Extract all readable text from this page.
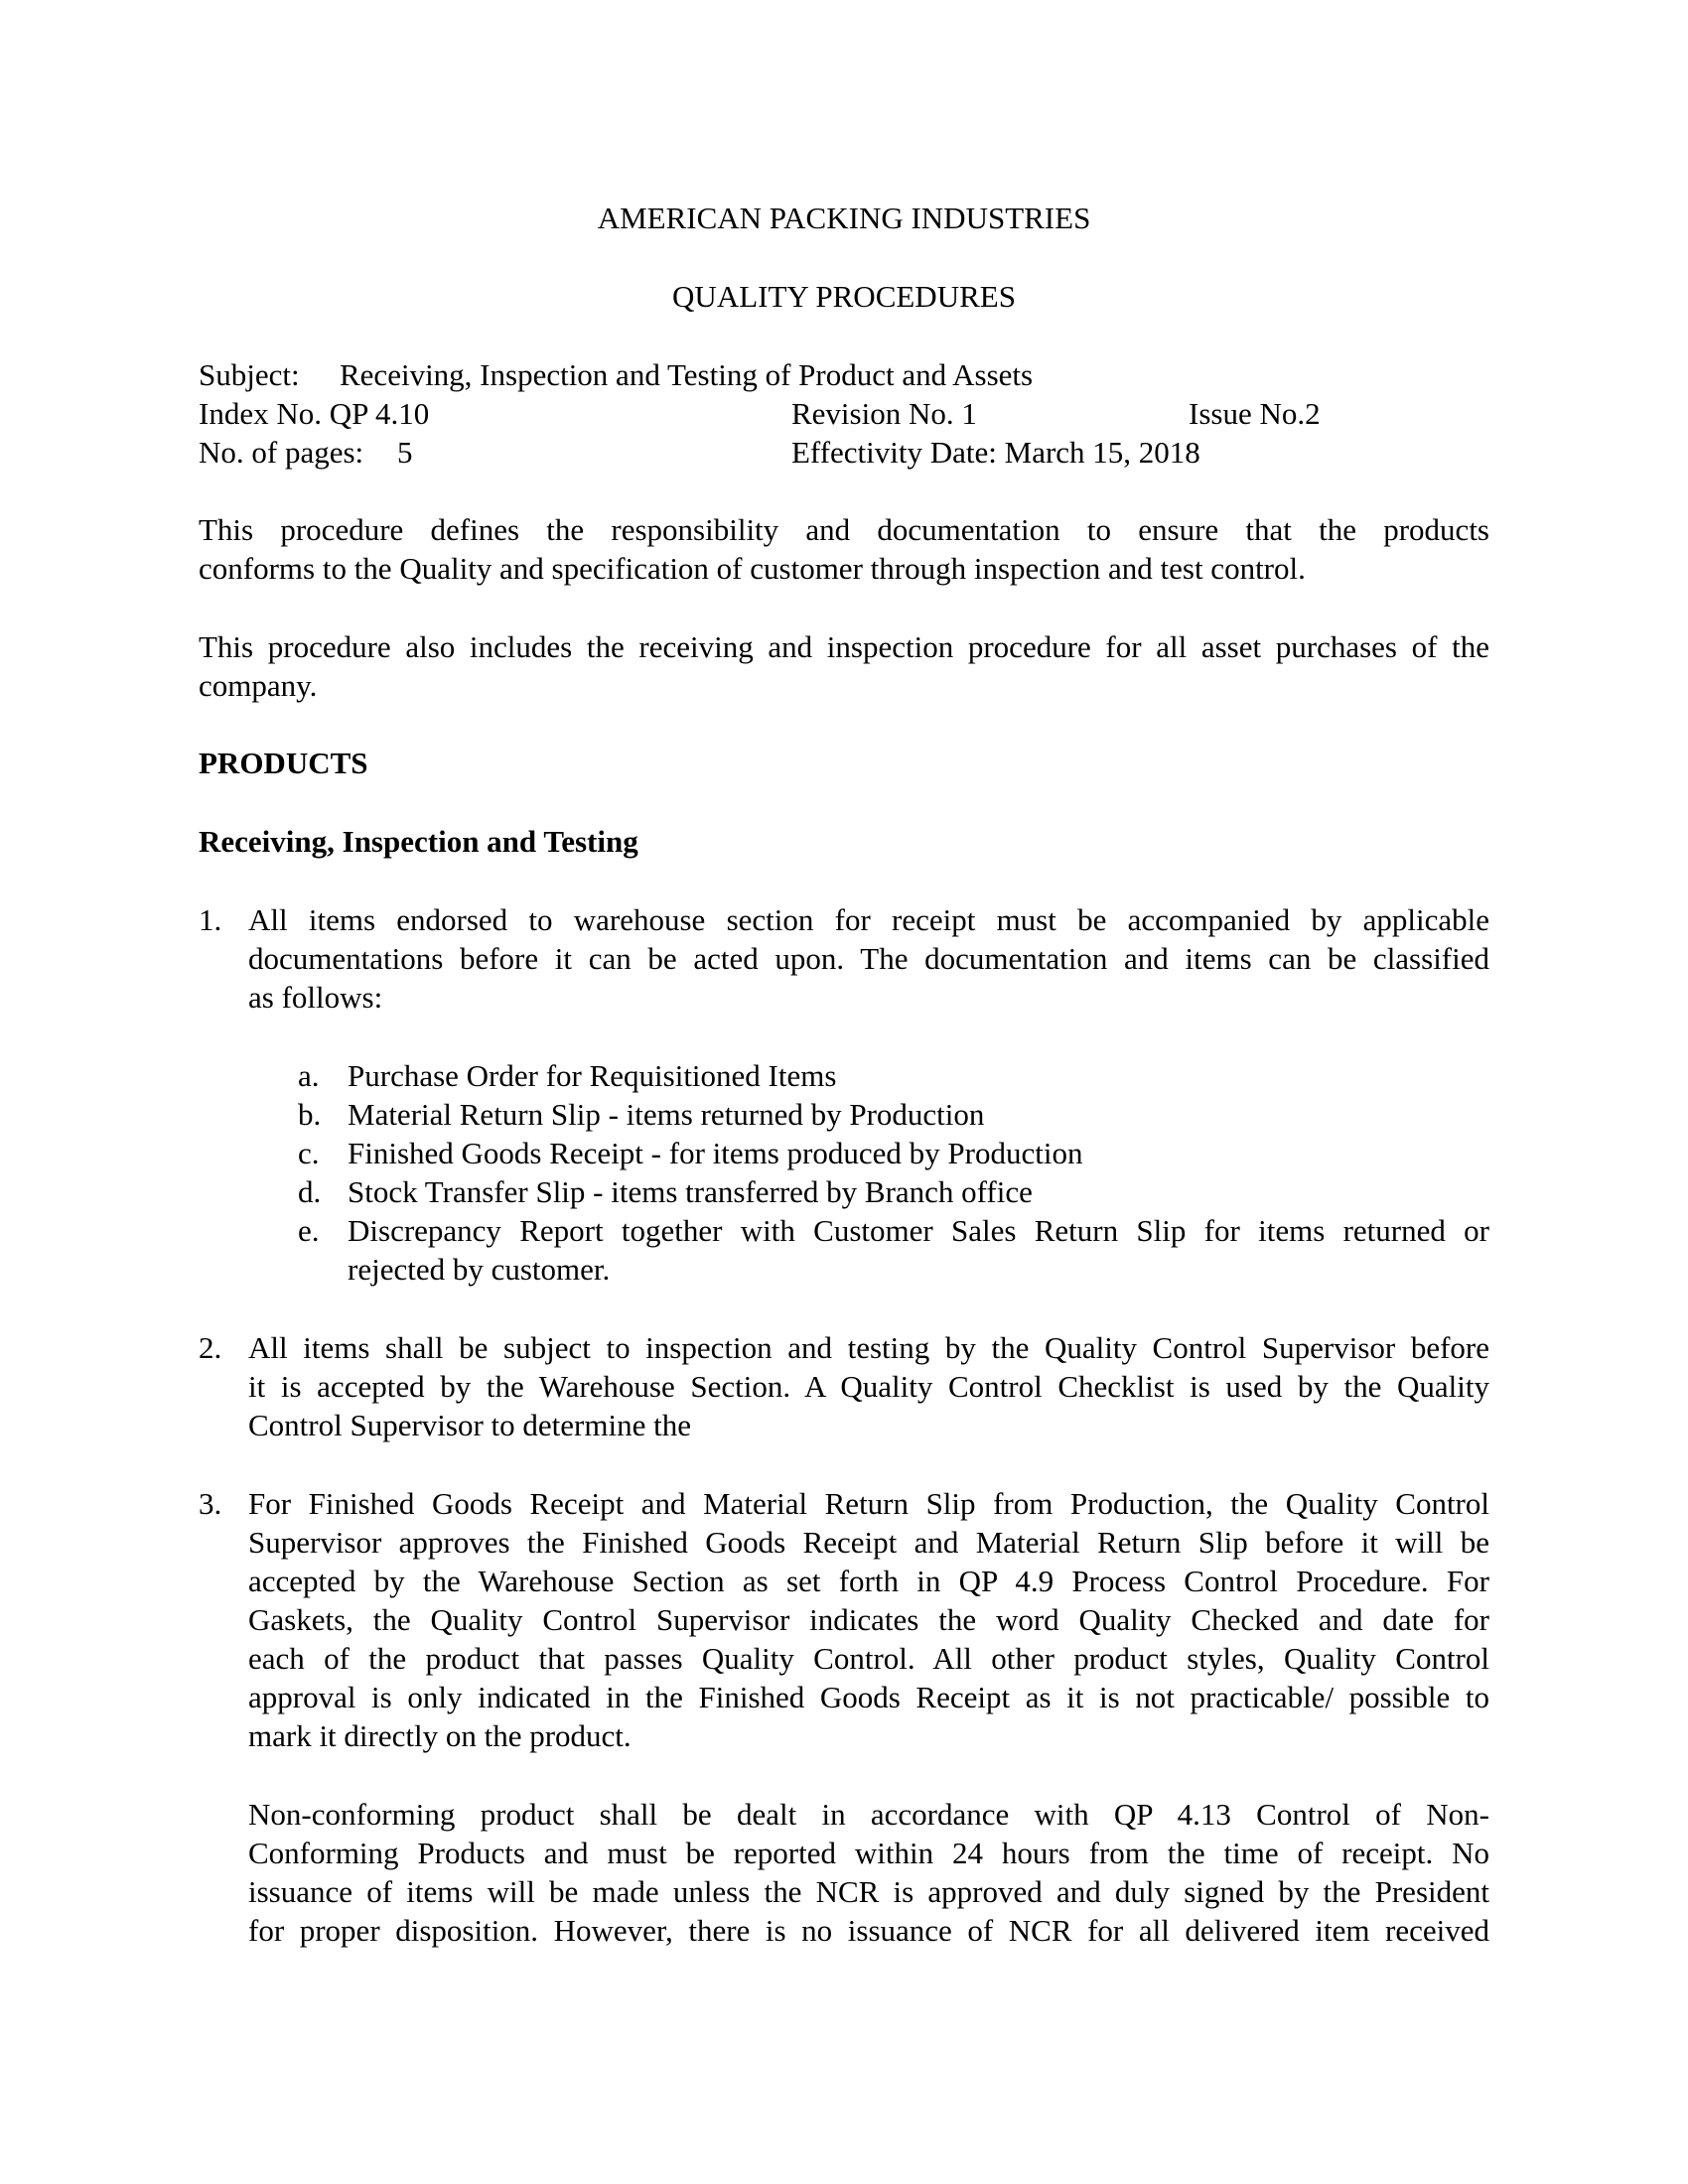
AMERICAN PACKING INDUSTRIES
QUALITY PROCEDURES
Subject: Receiving, Inspection and Testing of Product and Assets
Index No. QP 4.10	Revision No. 1	Issue No.2
No. of pages: 5	Effectivity Date: March 15, 2018
This procedure defines the responsibility and documentation to ensure that the products
conforms to the Quality and specification of customer through inspection and test control.
This procedure also includes the receiving and inspection procedure for all asset purchases of the
company.
PRODUCTS
Receiving, Inspection and Testing
1. All items endorsed to warehouse section for receipt must be accompanied by applicable
documentations before it can be acted upon. The documentation and items can be classified
as follows:
a. Purchase Order for Requisitioned Items
b. Material Return Slip - items returned by Production
c. Finished Goods Receipt - for items produced by Production
d. Stock Transfer Slip - items transferred by Branch office
e. Discrepancy Report together with Customer Sales Return Slip for items returned or
rejected by customer.
2. All items shall be subject to inspection and testing by the Quality Control Supervisor before
it is accepted by the Warehouse Section. A Quality Control Checklist is used by the Quality
Control Supervisor to determine the
3. For Finished Goods Receipt and Material Return Slip from Production, the Quality Control
Supervisor approves the Finished Goods Receipt and Material Return Slip before it will be
accepted by the Warehouse Section as set forth in QP 4.9 Process Control Procedure. For
Gaskets, the Quality Control Supervisor indicates the word Quality Checked and date for
each of the product that passes Quality Control. All other product styles, Quality Control
approval is only indicated in the Finished Goods Receipt as it is not practicable/ possible to
mark it directly on the product.
Non-conforming product shall be dealt in accordance with QP 4.13 Control of Non-
Conforming Products and must be reported within 24 hours from the time of receipt. No
issuance of items will be made unless the NCR is approved and duly signed by the President
for proper disposition. However, there is no issuance of NCR for all delivered item received
